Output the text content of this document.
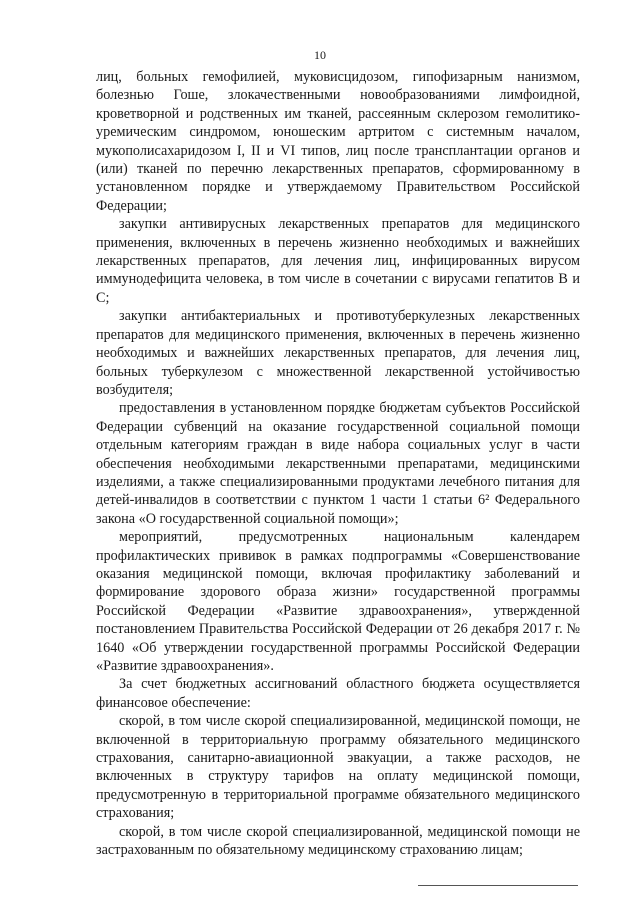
10

лиц, больных гемофилией, муковисцидозом, гипофизарным нанизмом, болезнью Гоше, злокачественными новообразованиями лимфоидной, кроветворной и родственных им тканей, рассеянным склерозом гемолитико-уремическим синдромом, юношеским артритом с системным началом, мукополисахаридозом I, II и VI типов, лиц после трансплантации органов и (или) тканей по перечню лекарственных препаратов, сформированному в установленном порядке и утверждаемому Правительством Российской Федерации;

закупки антивирусных лекарственных препаратов для медицинского применения, включенных в перечень жизненно необходимых и важнейших лекарственных препаратов, для лечения лиц, инфицированных вирусом иммунодефицита человека, в том числе в сочетании с вирусами гепатитов В и С;

закупки антибактериальных и противотуберкулезных лекарственных препаратов для медицинского применения, включенных в перечень жизненно необходимых и важнейших лекарственных препаратов, для лечения лиц, больных туберкулезом с множественной лекарственной устойчивостью возбудителя;

предоставления в установленном порядке бюджетам субъектов Российской Федерации субвенций на оказание государственной социальной помощи отдельным категориям граждан в виде набора социальных услуг в части обеспечения необходимыми лекарственными препаратами, медицинскими изделиями, а также специализированными продуктами лечебного питания для детей-инвалидов в соответствии с пунктом 1 части 1 статьи 6² Федерального закона «О государственной социальной помощи»;

мероприятий, предусмотренных национальным календарем профилактических прививок в рамках подпрограммы «Совершенствование оказания медицинской помощи, включая профилактику заболеваний и формирование здорового образа жизни» государственной программы Российской Федерации «Развитие здравоохранения», утвержденной постановлением Правительства Российской Федерации от 26 декабря 2017 г. № 1640 «Об утверждении государственной программы Российской Федерации «Развитие здравоохранения».

За счет бюджетных ассигнований областного бюджета осуществляется финансовое обеспечение:

скорой, в том числе скорой специализированной, медицинской помощи, не включенной в территориальную программу обязательного медицинского страхования, санитарно-авиационной эвакуации, а также расходов, не включенных в структуру тарифов на оплату медицинской помощи, предусмотренную в территориальной программе обязательного медицинского страхования;

скорой, в том числе скорой специализированной, медицинской помощи не застрахованным по обязательному медицинскому страхованию лицам;
